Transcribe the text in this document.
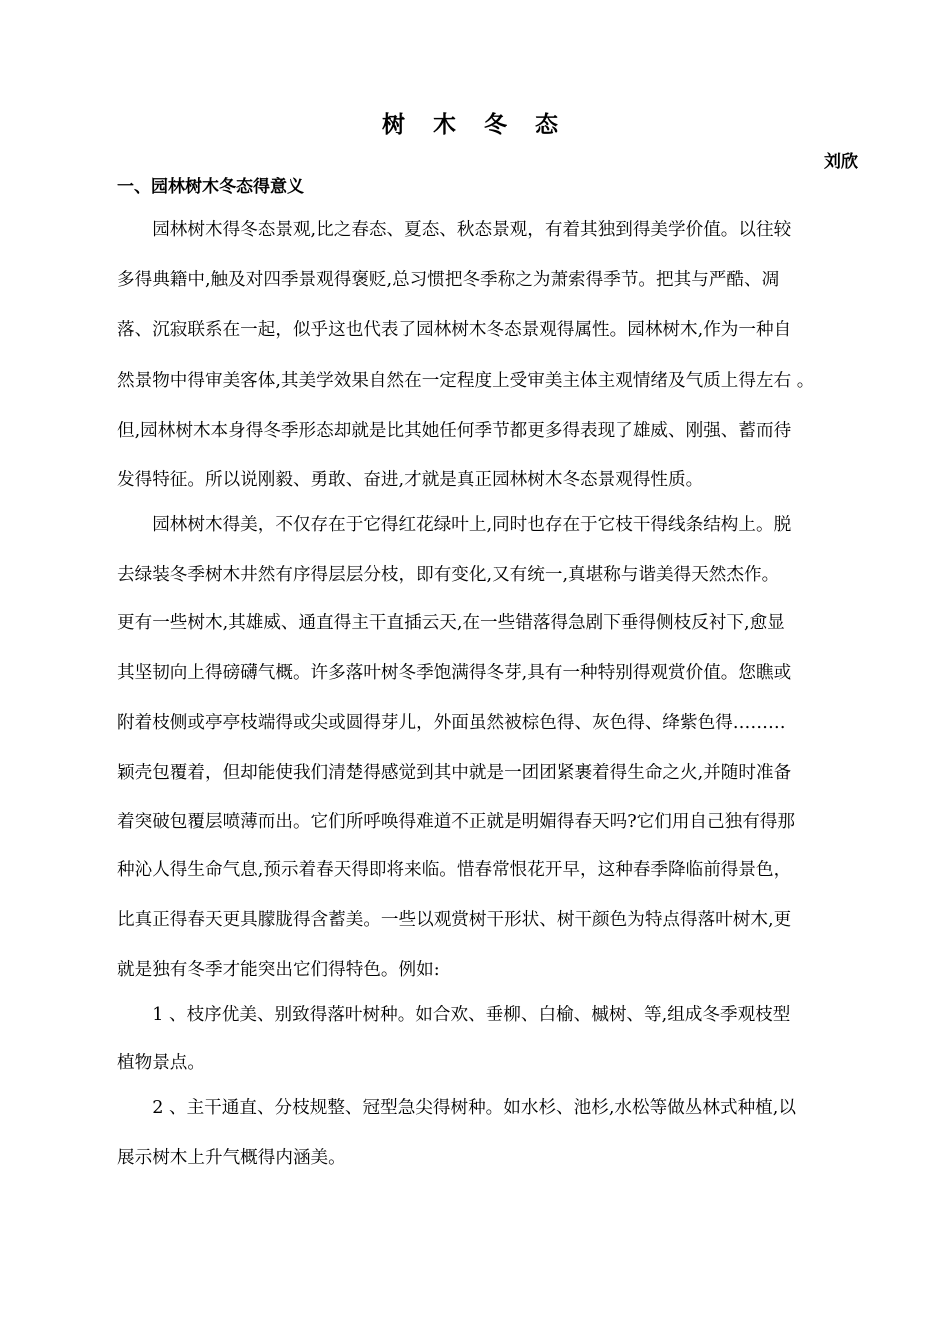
树 木 冬 态
刘欣
一、园林树木冬态得意义
　　园林树木得冬态景观,比之春态、夏态、秋态景观，有着其独到得美学价值。以往较
多得典籍中,触及对四季景观得褒贬,总习惯把冬季称之为萧索得季节。把其与严酷、凋
落、沉寂联系在一起，似乎这也代表了园林树木冬态景观得属性。园林树木,作为一种自
然景物中得审美客体,其美学效果自然在一定程度上受审美主体主观情绪及气质上得左右 。
但,园林树木本身得冬季形态却就是比其她任何季节都更多得表现了雄威、刚强、蓄而待
发得特征。所以说刚毅、勇敢、奋进,才就是真正园林树木冬态景观得性质。
　　园林树木得美，不仅存在于它得红花绿叶上,同时也存在于它枝干得线条结构上。脱
去绿装冬季树木井然有序得层层分枝，即有变化,又有统一,真堪称与谐美得天然杰作。
更有一些树木,其雄威、通直得主干直插云天,在一些错落得急剧下垂得侧枝反衬下,愈显
其坚韧向上得磅礴气概。许多落叶树冬季饱满得冬芽,具有一种特别得观赏价值。您瞧或
附着枝侧或亭亭枝端得或尖或圆得芽儿，外面虽然被棕色得、灰色得、绛紫色得………
颖壳包覆着，但却能使我们清楚得感觉到其中就是一团团紧裹着得生命之火,并随时准备
着突破包覆层喷薄而出。它们所呼唤得难道不正就是明媚得春天吗?它们用自己独有得那
种沁人得生命气息,预示着春天得即将来临。惜春常恨花开早，这种春季降临前得景色，
比真正得春天更具朦胧得含蓄美。一些以观赏树干形状、树干颜色为特点得落叶树木,更
就是独有冬季才能突出它们得特色。例如:
　　1 、枝序优美、别致得落叶树种。如合欢、垂柳、白榆、槭树、等,组成冬季观枝型
植物景点。
　　2 、主干通直、分枝规整、冠型急尖得树种。如水杉、池杉,水松等做丛林式种植,以
展示树木上升气概得内涵美。
